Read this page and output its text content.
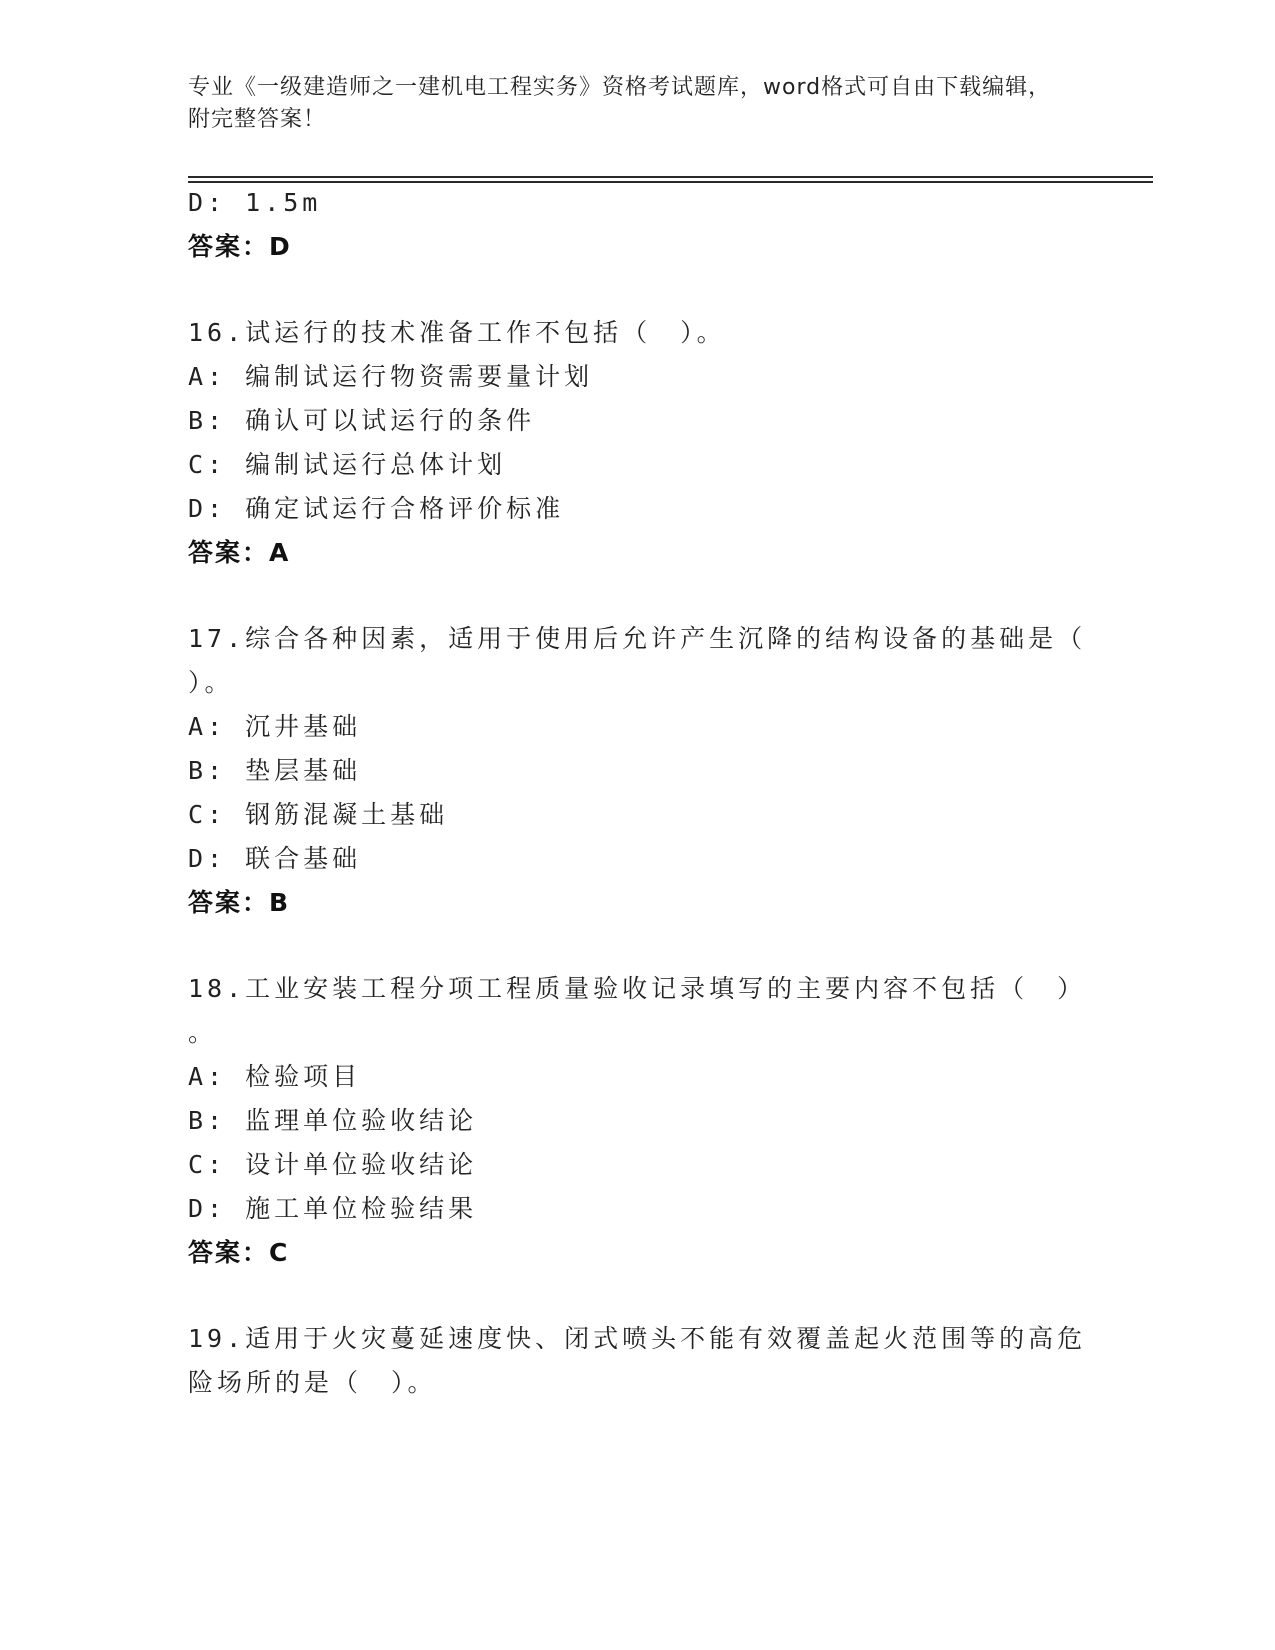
专业《一级建造师之一建机电工程实务》资格考试题库，word格式可自由下载编辑，附完整答案！
D: 1.5m
答案：D
16.试运行的技术准备工作不包括（　）。
A: 编制试运行物资需要量计划
B: 确认可以试运行的条件
C: 编制试运行总体计划
D: 确定试运行合格评价标准
答案：A
17.综合各种因素，适用于使用后允许产生沉降的结构设备的基础是（
）。
A: 沉井基础
B: 垫层基础
C: 钢筋混凝土基础
D: 联合基础
答案：B
18.工业安装工程分项工程质量验收记录填写的主要内容不包括（　）
。
A: 检验项目
B: 监理单位验收结论
C: 设计单位验收结论
D: 施工单位检验结果
答案：C
19.适用于火灾蔓延速度快、闭式喷头不能有效覆盖起火范围等的高危
险场所的是（　）。
